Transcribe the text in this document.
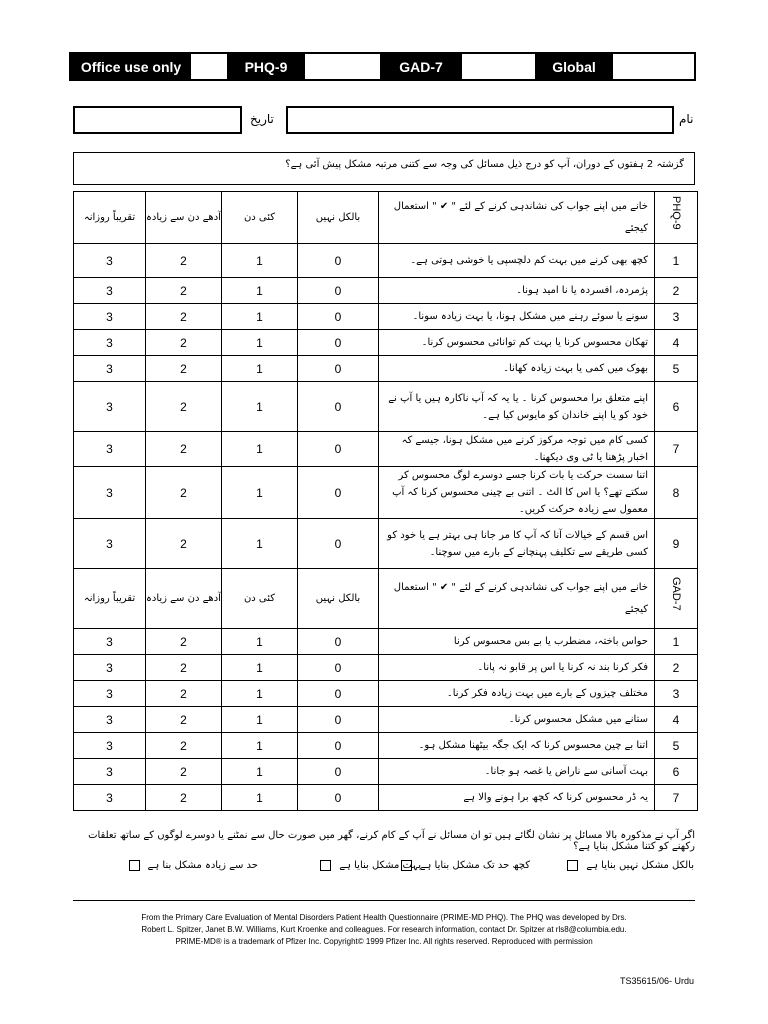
Office use only	PHQ-9	GAD-7	Global
تاریخ	نام
گزشتہ 2 ہفتوں کے دوران، آپ کو درج ذیل مسائل کی وجہ سے کتنی مرتبہ مشکل پیش آئی ہے؟
تقریباً روزانہ	آدھے دن سے زیادہ	کئی دن	بالکل نہیں	خانے میں اپنے جواب کی نشاندہی کرنے کے لئے " ✔ " استعمال کیجئے	PHQ-9
3	2	1	0	کچھ بھی کرنے میں بہت کم دلچسپی یا خوشی ہوتی ہے۔	1
3	2	1	0	پژمردہ، افسردہ یا نا امید ہونا۔	2
3	2	1	0	سونے یا سوئے رہنے میں مشکل ہونا، یا بہت زیادہ سونا۔	3
3	2	1	0	تھکان محسوس کرنا یا بہت کم توانائی محسوس کرنا۔	4
3	2	1	0	بھوک میں کمی یا بہت زیادہ کھانا۔	5
3	2	1	0	اپنے متعلق برا محسوس کرنا ۔ یا یہ کہ آپ ناکارہ ہیں یا آپ نے خود کو یا اپنے خاندان کو مایوس کیا ہے۔	6
3	2	1	0	کسی کام میں توجہ مرکوز کرنے میں مشکل ہونا، جیسے کہ اخبار پڑھنا یا ٹی وی دیکھنا۔	7
3	2	1	0	اتنا سست حرکت یا بات کرنا جسے دوسرے لوگ محسوس کر سکتے تھے؟ یا اس کا الٹ ۔ اتنی بے چینی محسوس کرنا کہ آپ معمول سے زیادہ حرکت کریں۔	8
3	2	1	0	اس قسم کے خیالات آنا کہ آپ کا مر جانا ہی بہتر ہے یا خود کو کسی طریقے سے تکلیف پہنچانے کے بارے میں سوچنا۔	9
تقریباً روزانہ	آدھے دن سے زیادہ	کئی دن	بالکل نہیں	خانے میں اپنے جواب کی نشاندہی کرنے کے لئے " ✔ " استعمال کیجئے	GAD-7
3	2	1	0	حواس باختہ، مضطرب یا بے بس محسوس کرنا	1
3	2	1	0	فکر کرنا بند نہ کرنا یا اس پر قابو نہ پانا۔	2
3	2	1	0	مختلف چیزوں کے بارے میں بہت زیادہ فکر کرنا۔	3
3	2	1	0	ستانے میں مشکل محسوس کرنا۔	4
3	2	1	0	اتنا بے چین محسوس کرنا کہ ایک جگہ بیٹھنا مشکل ہو۔	5
3	2	1	0	بہت آسانی سے ناراض یا غصہ ہو جانا۔	6
3	2	1	0	یہ ڈر محسوس کرنا کہ کچھ برا ہونے والا ہے	7
اگر آپ نے مذکورہ بالا مسائل پر نشان لگائے ہیں تو ان مسائل نے آپ کے کام کرنے، گھر میں صورت حال سے نمٹنے یا دوسرے لوگوں کے ساتھ تعلقات رکھنے کو کتنا مشکل بنایا ہے؟
بالکل مشکل نہیں بنایا ہے
کچھ حد تک مشکل بنایا ہے
بہت مشکل بنایا ہے
حد سے زیادہ مشکل بنا ہے
From the Primary Care Evaluation of Mental Disorders Patient Health Questionnaire (PRIME-MD PHQ). The PHQ was developed by Drs.
Robert L. Spitzer, Janet B.W. Williams, Kurt Kroenke and colleagues. For research information, contact Dr. Spitzer at rls8@columbia.edu.
PRIME-MD® is a trademark of Pfizer Inc. Copyright© 1999 Pfizer Inc. All rights reserved. Reproduced with permission
TS35615/06- Urdu
